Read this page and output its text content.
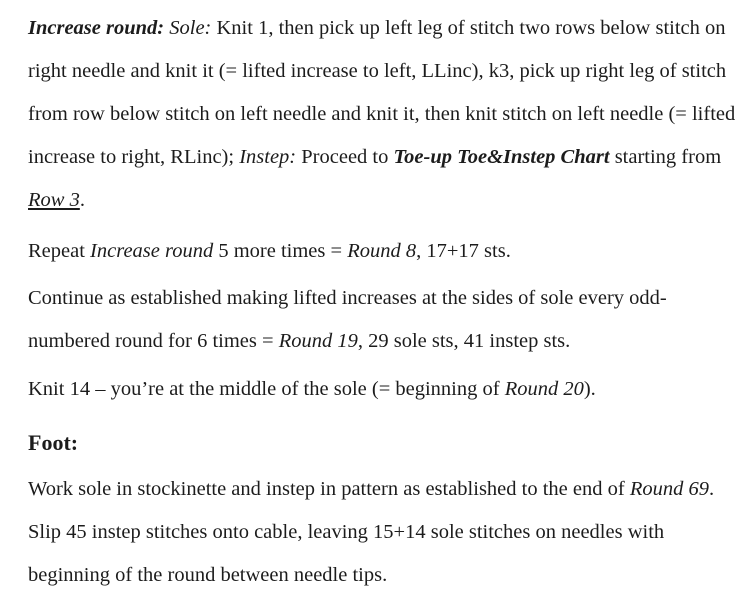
Increase round: Sole: Knit 1, then pick up left leg of stitch two rows below stitch on right needle and knit it (= lifted increase to left, LLinc), k3, pick up right leg of stitch from row below stitch on left needle and knit it, then knit stitch on left needle (= lifted increase to right, RLinc); Instep: Proceed to Toe-up Toe&Instep Chart starting from Row 3.

Repeat Increase round 5 more times = Round 8, 17+17 sts.

Continue as established making lifted increases at the sides of sole every odd-numbered round for 6 times = Round 19, 29 sole sts, 41 instep sts.

Knit 14 – you’re at the middle of the sole (= beginning of Round 20).

Foot:

Work sole in stockinette and instep in pattern as established to the end of Round 69. Slip 45 instep stitches onto cable, leaving 15+14 sole stitches on needles with beginning of the round between needle tips.
